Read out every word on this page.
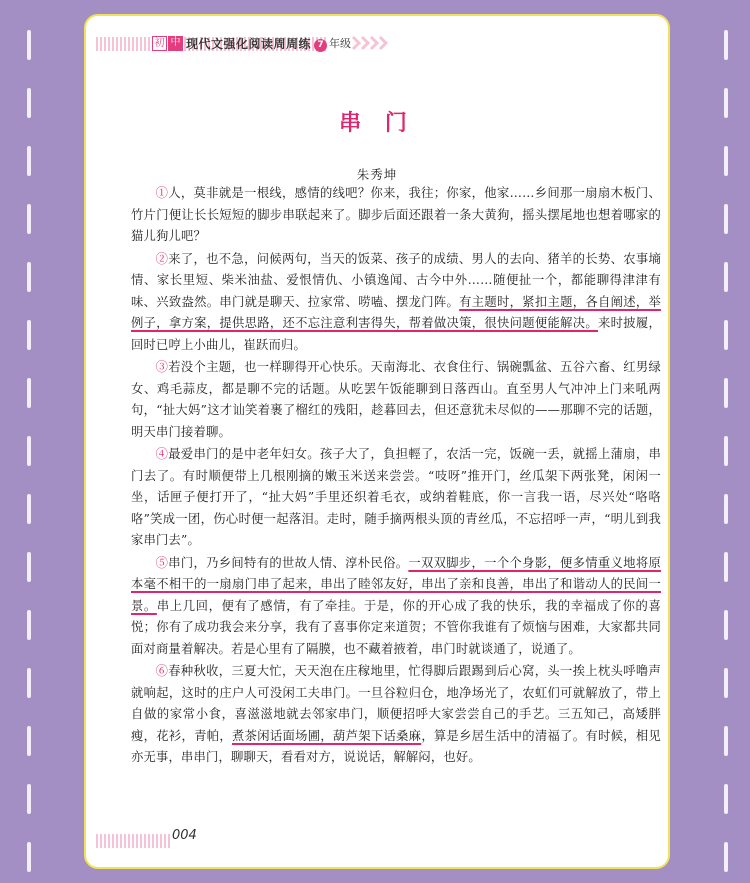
初 中 现代文强化阅读周周练 7 年级
串 门
朱秀坤

①人，莫非就是一根线，感情的线吧？你来，我往；你家，他家……乡间那一扇扇木板门、竹片门便让长长短短的脚步串联起来了。脚步后面还跟着一条大黄狗，摇头摆尾地也想着哪家的猫儿狗儿吧？

②来了，也不急，问候两句，当天的饭菜、孩子的成绩、男人的去向、猪羊的长势、农事墒情、家长里短、柴米油盐、爱恨情仇、小镇逸闻、古今中外……随便扯一个，都能聊得津津有味、兴致盎然。串门就是聊天、拉家常、唠嗑、摆龙门阵。有主题时，紧扣主题，各自阐述，举例子，拿方案，提供思路，还不忘注意利害得失，帮着做决策，很快问题便能解决。来时披履，回时已哼上小曲儿，崔跃而归。

③若没个主题，也一样聊得开心快乐。天南海北、衣食住行、锅碗瓢盆、五谷六畜、红男绿女、鸡毛蒜皮，都是聊不完的话题。从吃罢午饭能聊到日落西山。直至男人气冲冲上门来吼两句，“扯大妈”这才讪笑着裹了榴红的残阳，趁暮回去，但还意犹未尽似的——那聊不完的话题，明天串门接着聊。

④最爱串门的是中老年妇女。孩子大了，負担輕了，农活一完，饭碗一丢，就摇上蒲扇，串门去了。有时顺便带上几根刚摘的嫩玉米送来尝尝。“吱呀”推开门，丝瓜架下两张凳，闲闲一坐，话匣子便打开了，“扯大妈”手里还织着毛衣，或纳着鞋底，你一言我一语，尽兴处“咯咯咯”笑成一团，伤心时便一起落泪。走时，随手摘两根头顶的青丝瓜，不忘招呼一声，“明儿到我家串门去”。

⑤串门，乃乡间特有的世故人情、淳朴民俗。一双双脚步，一个个身影，便多情重义地将原本毫不相干的一扇扇门串了起来，串出了睦邻友好，串出了亲和良善，串出了和谐动人的民间一景。串上几回，便有了感情，有了牵挂。于是，你的开心成了我的快乐，我的幸福成了你的喜悦；你有了成功我会来分享，我有了喜事你定来道贺；不管你我谁有了烦恼与困难，大家都共同面对商量着解决。若是心里有了隔膜，也不藏着掖着，串门时就谈通了，说通了。

⑥春种秋收，三夏大忙，天天泡在庄稼地里，忙得脚后跟踢到后心窝，头一挨上枕头呼噜声就响起，这时的庄户人可没闲工夫串门。一旦谷粒归仓，地净场光了，农虹们可就解放了，带上自做的家常小食，喜滋滋地就去邻家串门，顺便招呼大家尝尝自己的手艺。三五知己，高矮胖瘦，花衫，青帕，煮茶闲话面场圃，葫芦架下话桑麻，算是乡居生活中的清福了。有时候，相见亦无事，串串门，聊聊天，看看对方，说说话，解解闷，也好。

004
